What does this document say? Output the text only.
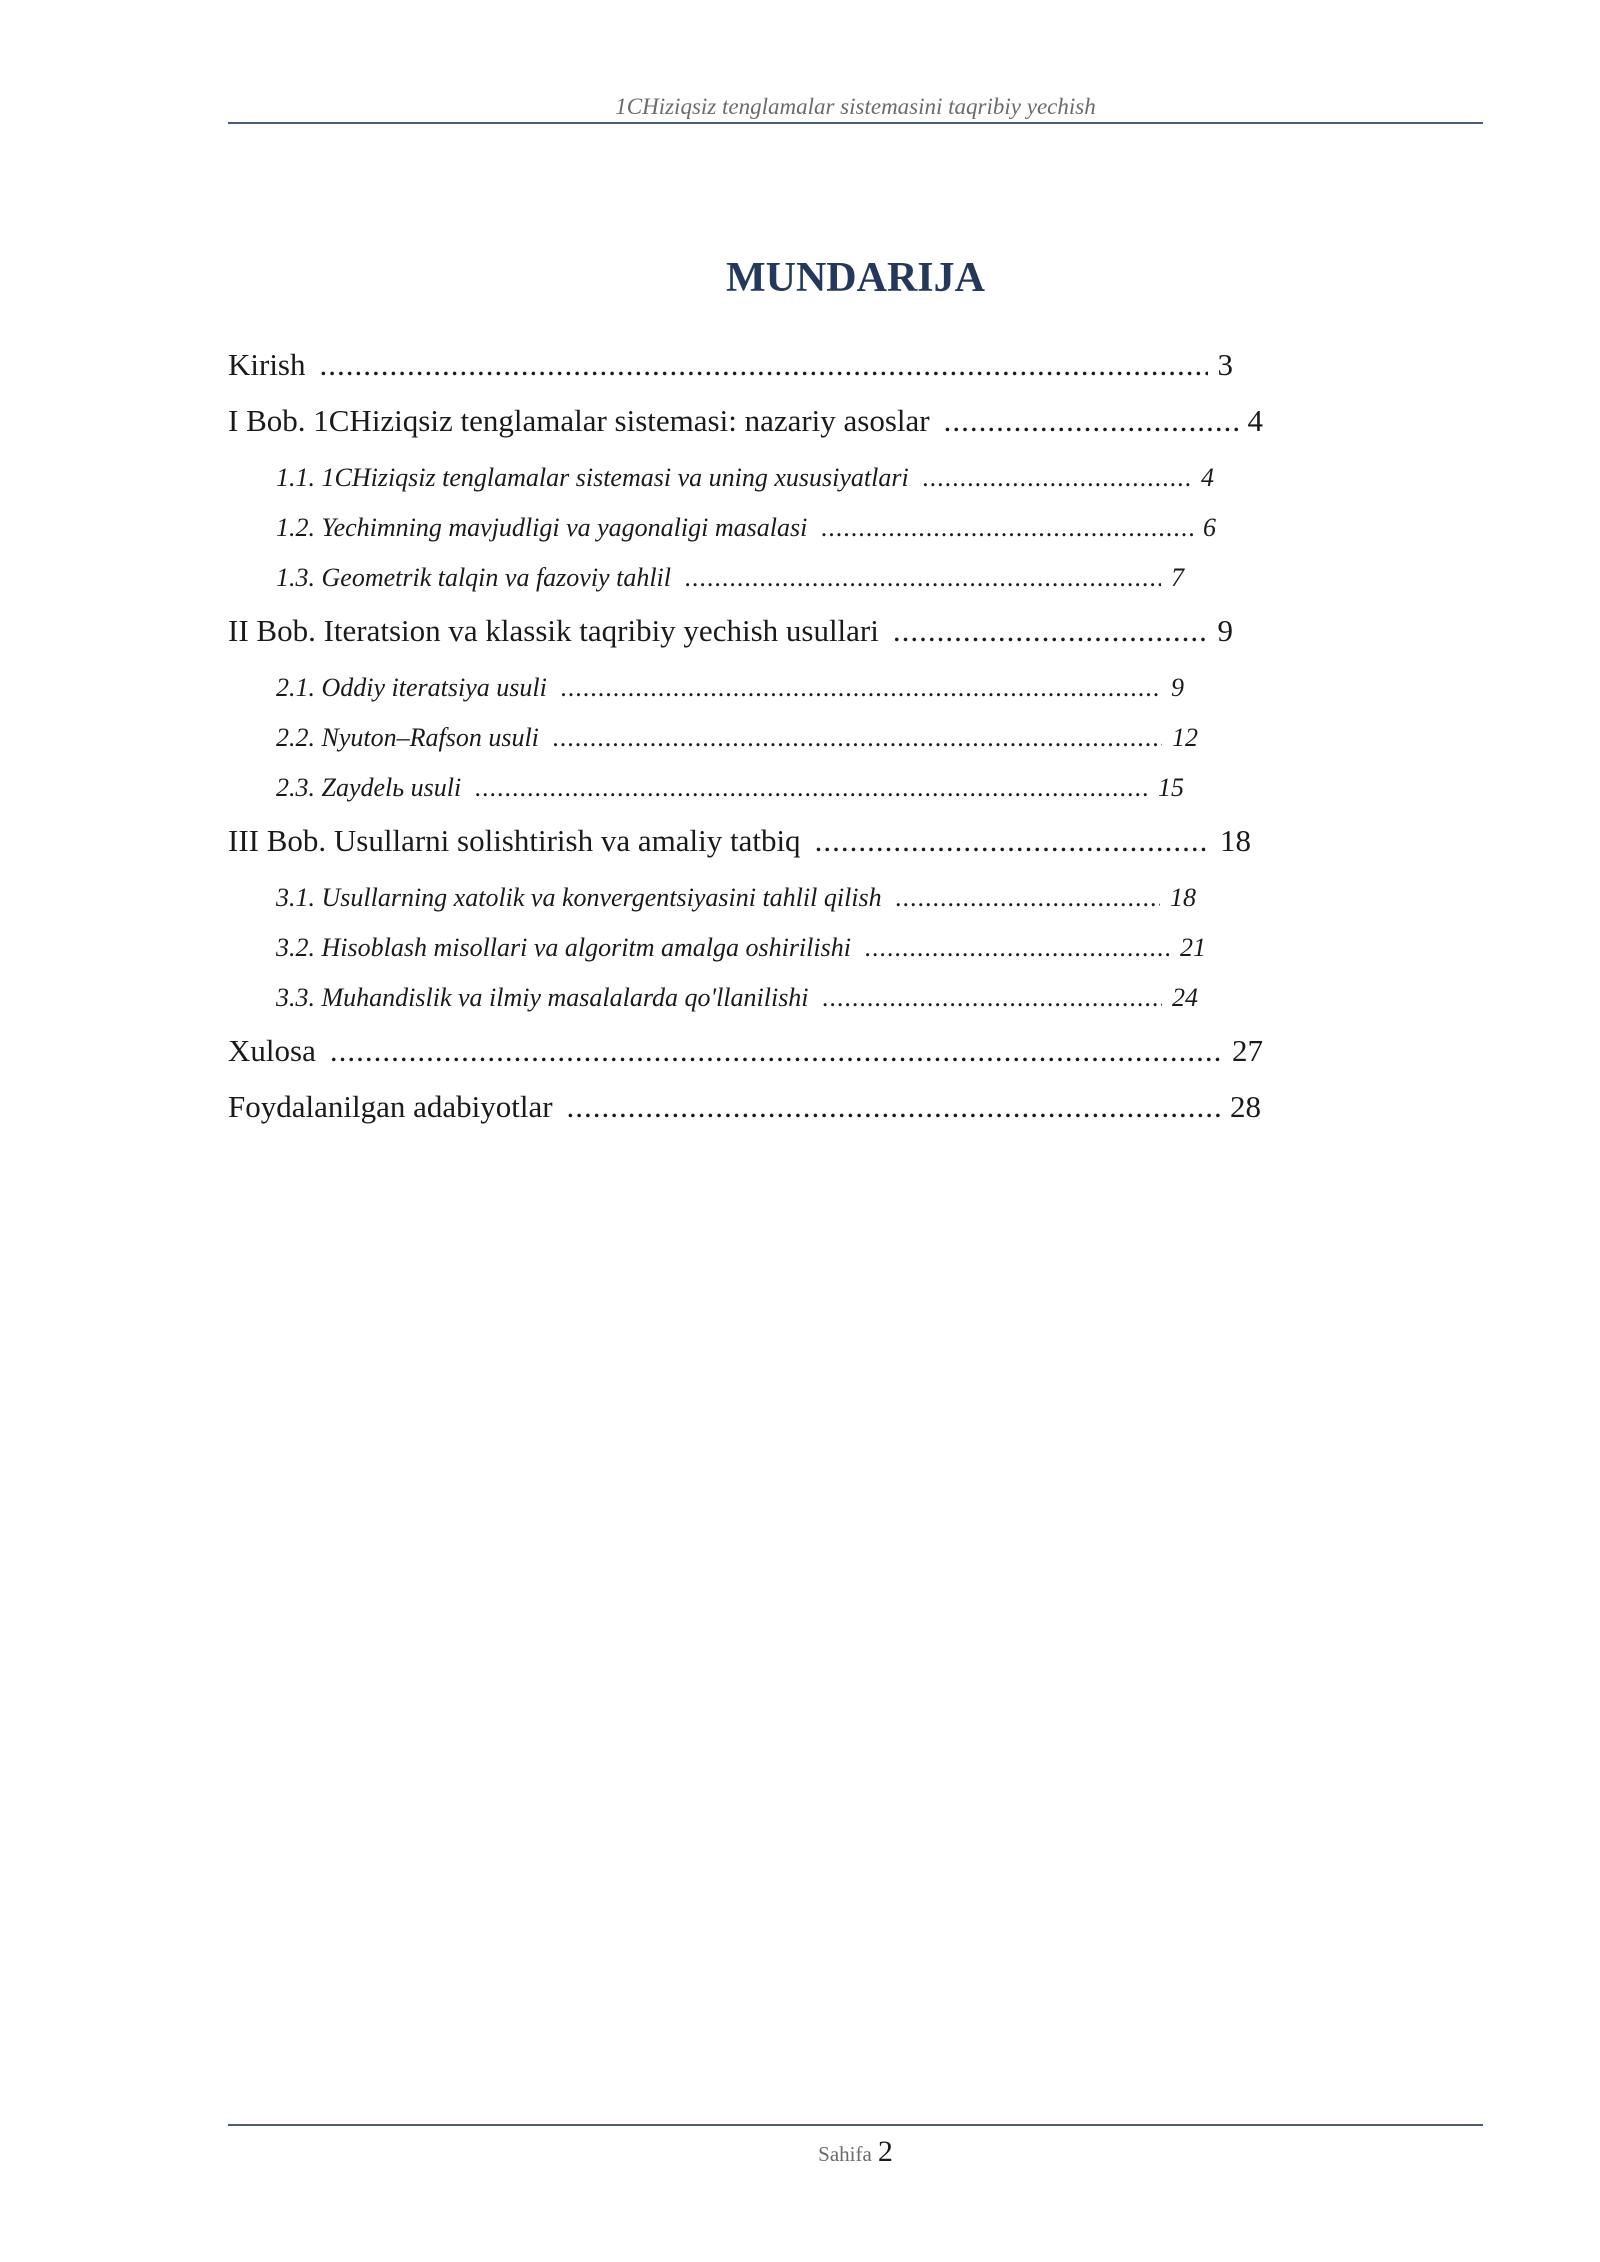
1CHiziqsiz tenglamalar sistemasini taqribiy yechish
MUNDARIJA
Kirish .....	3
I Bob. 1CHiziqsiz tenglamalar sistemasi: nazariy asoslar .....	4
1.1. 1CHiziqsiz tenglamalar sistemasi va uning xususiyatlari .....	4
1.2. Yechimning mavjudligi va yagonaligi masalasi .....	6
1.3. Geometrik talqin va fazoviy tahlil .....	7
II Bob. Iteratsion va klassik taqribiy yechish usullari .....	9
2.1. Oddiy iteratsiya usuli .....	9
2.2. Nyuton–Rafson usuli .....	12
2.3. Zaydelь usuli .....	15
III Bob. Usullarni solishtirish va amaliy tatbiq .....	18
3.1. Usullarning xatolik va konvergentsiyasini tahlil qilish .....	18
3.2. Hisoblash misollari va algoritm amalga oshirilishi .....	21
3.3. Muhandislik va ilmiy masalalarda qo'llanilishi .....	24
Xulosa .....	27
Foydalanilgan adabiyotlar .....	28
Sahifa 2
